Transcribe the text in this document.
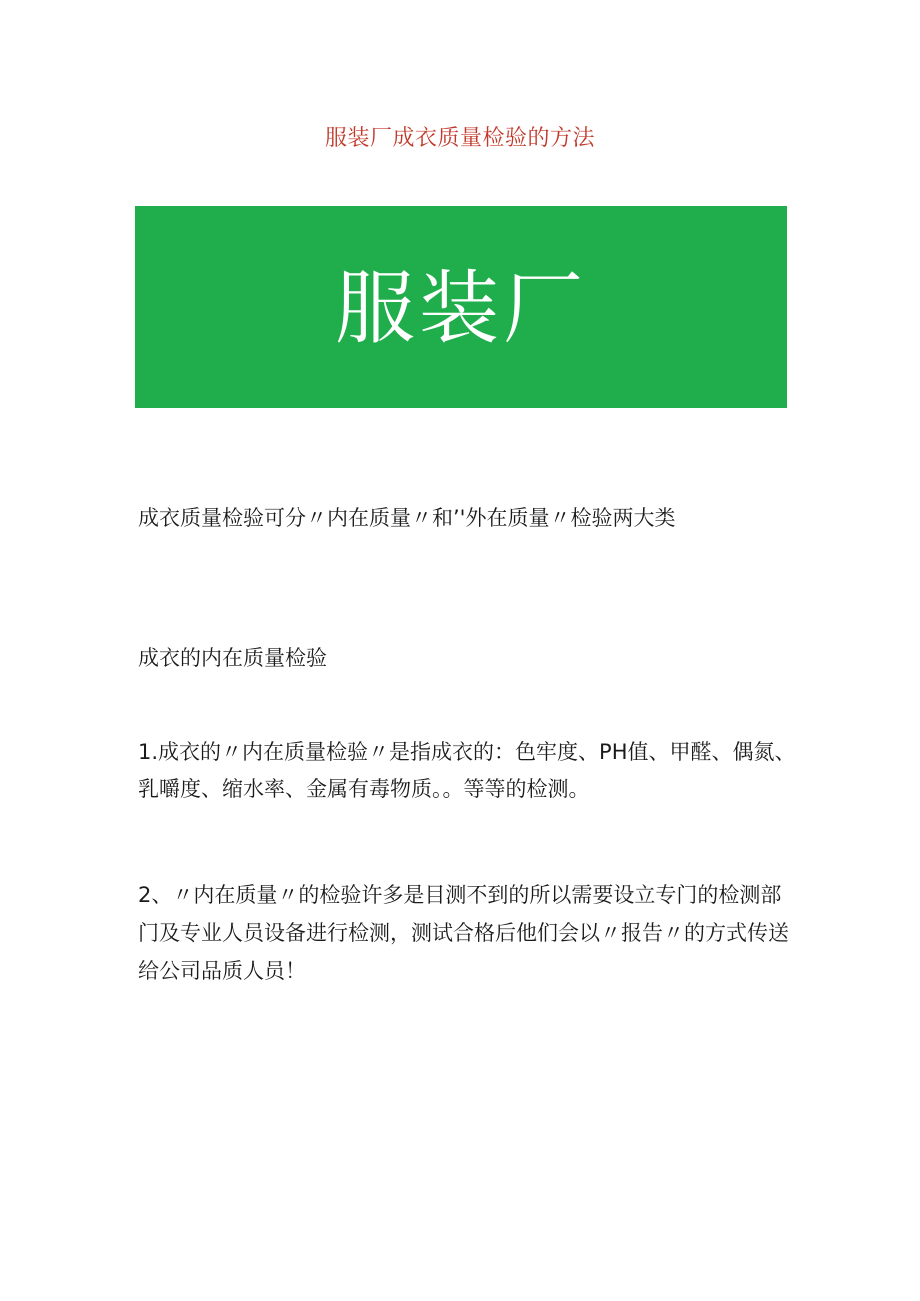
服装厂成衣质量检验的方法
服装厂

成衣质量检验可分〃内在质量〃和’'外在质量〃检验两大类

成衣的内在质量检验

1.成衣的〃内在质量检验〃是指成衣的：色牢度、PH值、甲醛、偶氮、乳嚼度、缩水率、金属有毒物质。。等等的检测。

2、〃内在质量〃的检验许多是目测不到的所以需要设立专门的检测部门及专业人员设备进行检测，测试合格后他们会以〃报告〃的方式传送给公司品质人员！
